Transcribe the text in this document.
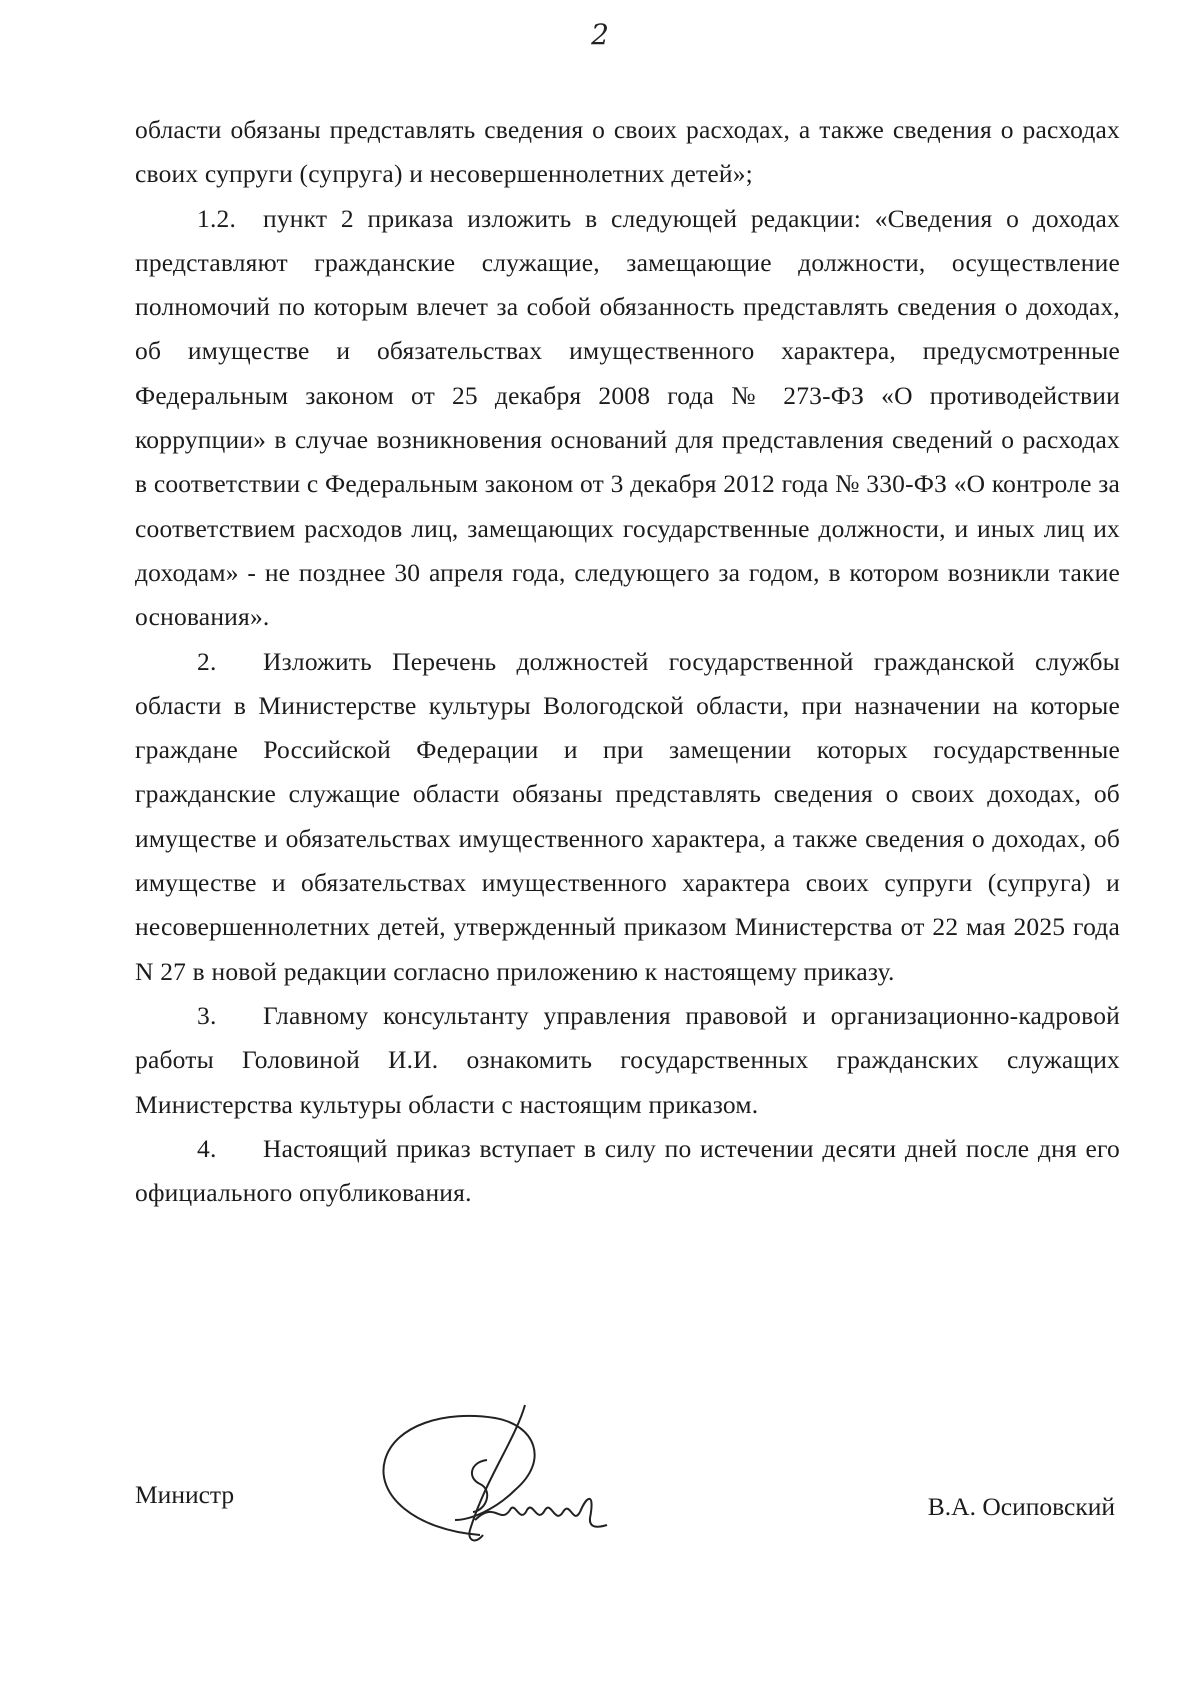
2

области обязаны представлять сведения о своих расходах, а также сведения о расходах своих супруги (супруга) и несовершеннолетних детей»;

1.2. пункт 2 приказа изложить в следующей редакции: «Сведения о доходах представляют гражданские служащие, замещающие должности, осуществление полномочий по которым влечет за собой обязанность представлять сведения о доходах, об имуществе и обязательствах имущественного характера, предусмотренные Федеральным законом от 25 декабря 2008 года № 273-ФЗ «О противодействии коррупции» в случае возникновения оснований для представления сведений о расходах в соответствии с Федеральным законом от 3 декабря 2012 года № 330-ФЗ «О контроле за соответствием расходов лиц, замещающих государственные должности, и иных лиц их доходам» - не позднее 30 апреля года, следующего за годом, в котором возникли такие основания».

2. Изложить Перечень должностей государственной гражданской службы области в Министерстве культуры Вологодской области, при назначении на которые граждане Российской Федерации и при замещении которых государственные гражданские служащие области обязаны представлять сведения о своих доходах, об имуществе и обязательствах имущественного характера, а также сведения о доходах, об имуществе и обязательствах имущественного характера своих супруги (супруга) и несовершеннолетних детей, утвержденный приказом Министерства от 22 мая 2025 года N 27 в новой редакции согласно приложению к настоящему приказу.

3. Главному консультанту управления правовой и организационно-кадровой работы Головиной И.И. ознакомить государственных гражданских служащих Министерства культуры области с настоящим приказом.

4. Настоящий приказ вступает в силу по истечении десяти дней после дня его официального опубликования.

Министр	В.А. Осиповский
